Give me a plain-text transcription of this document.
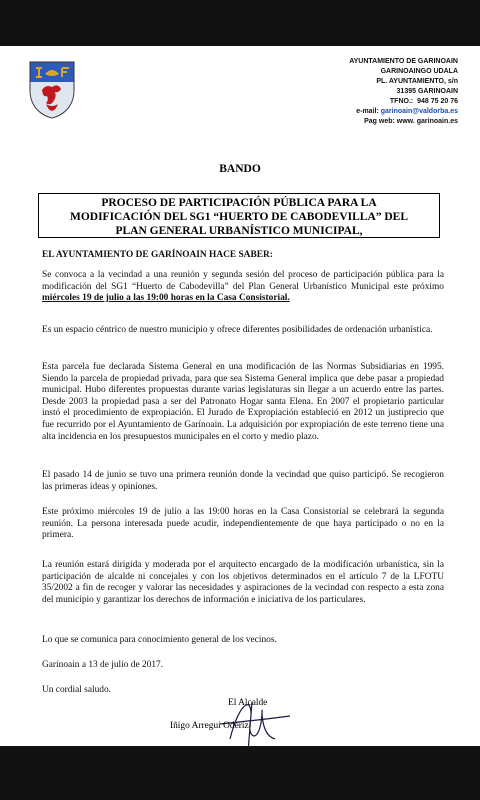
AYUNTAMIENTO DE GARINOAIN
GARINOAINGO UDALA
PL. AYUNTAMIENTO, s/n
31395 GARINOAIN
TFNO.: 948 75 20 76
e-mail: garinoain@valdorba.es
Pag web: www. garinoain.es
BANDO
PROCESO DE PARTICIPACIÓN PÚBLICA PARA LA
MODIFICACIÓN DEL SG1 “HUERTO DE CABODEVILLA” DEL
PLAN GENERAL URBANÍSTICO MUNICIPAL,
EL AYUNTAMIENTO DE GARÍNOAIN HACE SABER:
Se convoca a la vecindad a una reunión y segunda sesión del proceso de participación pública para la modificación del SG1 “Huerto de Cabodevilla” del Plan General Urbanístico Municipal este próximo miércoles 19 de julio a las 19:00 horas en la Casa Consistorial.
Es un espacio céntrico de nuestro municipio y ofrece diferentes posibilidades de ordenación urbanística.
Esta parcela fue declarada Sistema General en una modificación de las Normas Subsidiarias en 1995. Siendo la parcela de propiedad privada, para que sea Sistema General implica que debe pasar a propiedad municipal. Hubo diferentes propuestas durante varias legislaturas sin llegar a un acuerdo entre las partes. Desde 2003 la propiedad pasa a ser del Patronato Hogar santa Elena. En 2007 el propietario particular instó el procedimiento de expropiación. El Jurado de Expropiación estableció en 2012 un justiprecio que fue recurrido por el Ayuntamiento de Garínoain. La adquisición por expropiación de este terreno tiene una alta incidencia en los presupuestos municipales en el corto y medio plazo.
El pasado 14 de junio se tuvo una primera reunión donde la vecindad que quiso participó. Se recogieron las primeras ideas y opiniones.
Este próximo miércoles 19 de julio a las 19:00 horas en la Casa Consistorial se celebrará la segunda reunión. La persona interesada puede acudir, independientemente de que haya participado o no en la primera.
La reunión estará dirigida y moderada por el arquitecto encargado de la modificación urbanística, sin la participación de alcalde ni concejales y con los objetivos determinados en el artículo 7 de la LFOTU 35/2002 a fin de recoger y valorar las necesidades y aspiraciones de la vecindad con respecto a esta zona del municipio y garantizar los derechos de información e iniciativa de los particulares.
Lo que se comunica para conocimiento general de los vecinos.
Garínoain a 13 de julio de 2017.
Un cordial saludo.
El Alcalde
Iñigo Arregui Odériz
